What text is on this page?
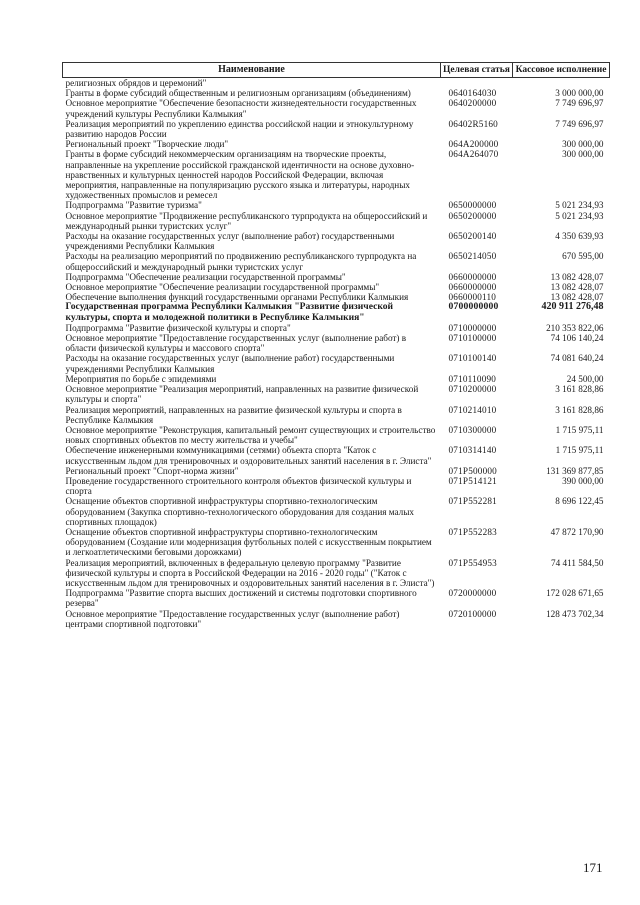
Наименование	Целевая статья	Кассовое исполнение
религиозных обрядов и церемоний"		
Гранты в форме субсидий общественным и религиозным организациям (объединениям)	0640164030	3 000 000,00
Основное мероприятие "Обеспечение безопасности жизнедеятельности государственных учреждений культуры Республики Калмыкия"	0640200000	7 749 696,97
Реализация мероприятий по укреплению единства российской нации и этнокультурному развитию народов России	06402R5160	7 749 696,97
Региональный проект "Творческие люди"	064A200000	300 000,00
Гранты в форме субсидий некоммерческим организациям на творческие проекты, направленные на укрепление российской гражданской идентичности на основе духовно-нравственных и культурных ценностей народов Российской Федерации, включая мероприятия, направленные на популяризацию русского языка и литературы, народных художественных промыслов и ремесел	064A264070	300 000,00
Подпрограмма "Развитие туризма"	0650000000	5 021 234,93
Основное мероприятие "Продвижение республиканского турпродукта на общероссийский и международный рынки туристских услуг"	0650200000	5 021 234,93
Расходы на оказание государственных услуг (выполнение работ) государственными учреждениями Республики Калмыкия	0650200140	4 350 639,93
Расходы на реализацию мероприятий по продвижению республиканского турпродукта на общероссийский и международный рынки туристских услуг	0650214050	670 595,00
Подпрограмма "Обеспечение реализации государственной программы"	0660000000	13 082 428,07
Основное мероприятие "Обеспечение реализации государственной программы"	0660000000	13 082 428,07
Обеспечение выполнения функций государственными органами Республики Калмыкия	0660000110	13 082 428,07
Государственная программа Республики Калмыкия "Развитие физической культуры, спорта и молодежной политики в Республике Калмыкия"	0700000000	420 911 276,48
Подпрограмма "Развитие физической культуры и спорта"	0710000000	210 353 822,06
Основное мероприятие "Предоставление государственных услуг (выполнение работ) в области физической культуры и массового спорта"	0710100000	74 106 140,24
Расходы на оказание государственных услуг (выполнение работ) государственными учреждениями Республики Калмыкия	0710100140	74 081 640,24
Мероприятия по борьбе с эпидемиями	0710110090	24 500,00
Основное мероприятие "Реализация мероприятий, направленных на развитие физической культуры и спорта"	0710200000	3 161 828,86
Реализация мероприятий, направленных на развитие физической культуры и спорта в Республике Калмыкия	0710214010	3 161 828,86
Основное мероприятие "Реконструкция, капитальный ремонт существующих и строительство новых спортивных объектов по месту жительства и учебы"	0710300000	1 715 975,11
Обеспечение инженерными коммуникациями (сетями) объекта спорта "Каток с искусственным льдом для тренировочных и оздоровительных занятий населения в г. Элиста"	0710314140	1 715 975,11
Региональный проект "Спорт-норма жизни"	071P500000	131 369 877,85
Проведение государственного строительного контроля объектов физической культуры и спорта	071P514121	390 000,00
Оснащение объектов спортивной инфраструктуры спортивно-технологическим оборудованием (Закупка спортивно-технологического оборудования для создания малых спортивных площадок)	071P552281	8 696 122,45
Оснащение объектов спортивной инфраструктуры спортивно-технологическим оборудованием (Создание или модернизация футбольных полей с искусственным покрытием и легкоатлетическими беговыми дорожками)	071P552283	47 872 170,90
Реализация мероприятий, включенных в федеральную целевую программу "Развитие физической культуры и спорта в Российской Федерации на 2016 - 2020 годы" ("Каток с искусственным льдом для тренировочных и оздоровительных занятий населения в г. Элиста")	071P554953	74 411 584,50
Подпрограмма "Развитие спорта высших достижений и системы подготовки спортивного резерва"	0720000000	172 028 671,65
Основное мероприятие "Предоставление государственных услуг (выполнение работ) центрами спортивной подготовки"	0720100000	128 473 702,34
171
